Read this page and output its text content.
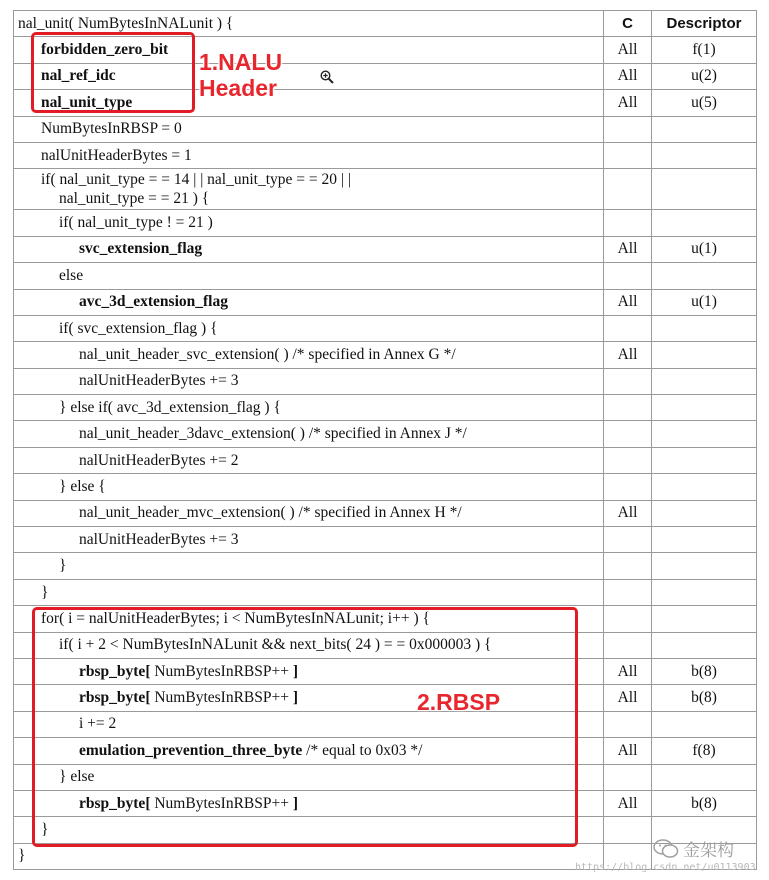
nal_unit( NumBytesInNALunit ) {	C	Descriptor
forbidden_zero_bit	All	f(1)
nal_ref_idc	All	u(2)
nal_unit_type	All	u(5)
NumBytesInRBSP = 0		
nalUnitHeaderBytes = 1		
if( nal_unit_type = = 14 | | nal_unit_type = = 20 | |
nal_unit_type = = 21 ) {		

if( nal_unit_type ! = 21 )		
svc_extension_flag	All	u(1)
else		
avc_3d_extension_flag	All	u(1)
if( svc_extension_flag ) {		
nal_unit_header_svc_extension( ) /* specified in Annex G */	All	
nalUnitHeaderBytes += 3		
} else if( avc_3d_extension_flag ) {		
nal_unit_header_3davc_extension( ) /* specified in Annex J */		
nalUnitHeaderBytes += 2		
} else {		
nal_unit_header_mvc_extension( ) /* specified in Annex H */	All	
nalUnitHeaderBytes += 3		
}		
}		
for( i = nalUnitHeaderBytes; i < NumBytesInNALunit; i++ ) {		
if( i + 2 < NumBytesInNALunit && next_bits( 24 ) = = 0x000003 ) {		
rbsp_byte[ NumBytesInRBSP++ ]	All	b(8)
rbsp_byte[ NumBytesInRBSP++ ]	All	b(8)
i += 2		
emulation_prevention_three_byte /* equal to 0x03 */	All	f(8)
} else		
rbsp_byte[ NumBytesInRBSP++ ]	All	b(8)
}		
}		
1.NALU
Header
2.RBSP
金架构
https://blog.csdn.net/u0113903
